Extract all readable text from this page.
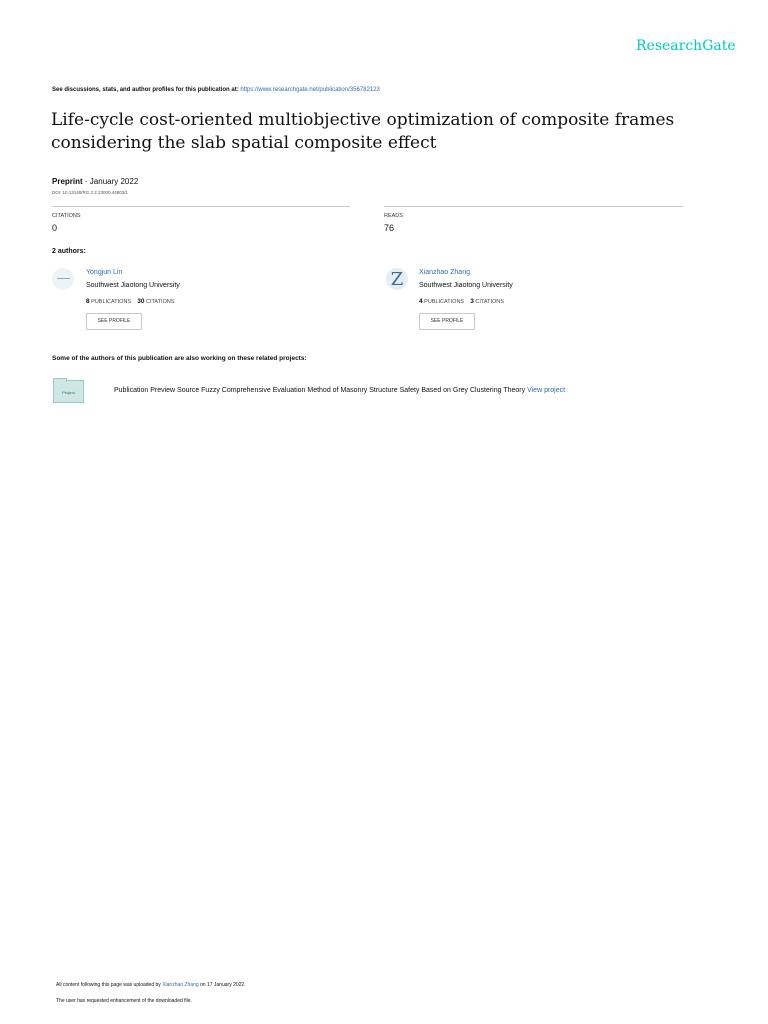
ResearchGate
See discussions, stats, and author profiles for this publication at: https://www.researchgate.net/publication/356782123
Life-cycle cost-oriented multiobjective optimization of composite frames
considering the slab spatial composite effect
Preprint · January 2022
DOI: 10.13140/RG.2.2.23000.44803/1
CITATIONS
0
READS
76
2 authors:
Yongjun Lin
Southwest Jiaotong University
8 PUBLICATIONS 30 CITATIONS
SEE PROFILE
Z	Xianzhao Zhang
Southwest Jiaotong University
4 PUBLICATIONS 3 CITATIONS
SEE PROFILE
Some of the authors of this publication are also working on these related projects:
Project	Publication Preview Source Fuzzy Comprehensive Evaluation Method of Masonry Structure Safety Based on Grey Clustering Theory View project
All content following this page was uploaded by Xianzhao Zhang on 17 January 2022.
The user has requested enhancement of the downloaded file.
